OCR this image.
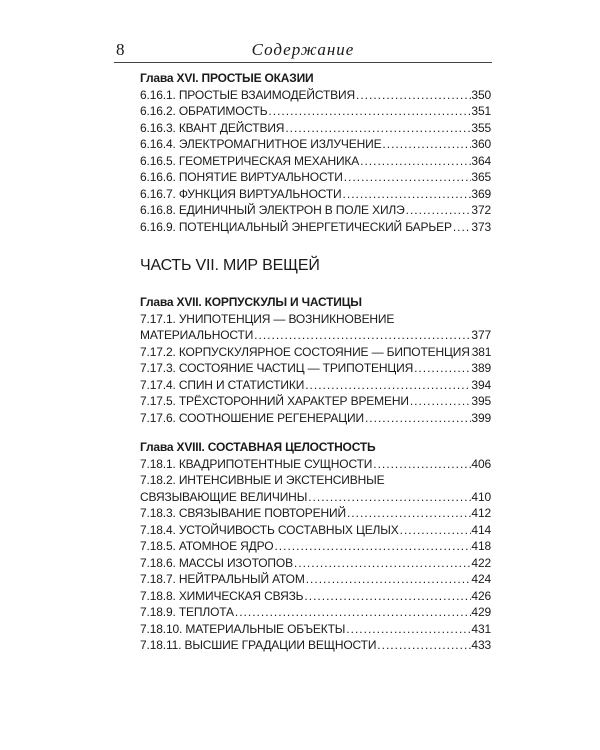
8	Содержание
Глава XVI. ПРОСТЫЕ ОКАЗИИ
6.16.1. ПРОСТЫЕ ВЗАИМОДЕЙСТВИЯ .....	350
6.16.2. ОБРАТИМОСТЬ .....	351
6.16.3. КВАНТ ДЕЙСТВИЯ .....	355
6.16.4. ЭЛЕКТРОМАГНИТНОЕ ИЗЛУЧЕНИЕ .....	360
6.16.5. ГЕОМЕТРИЧЕСКАЯ МЕХАНИКА .....	364
6.16.6. ПОНЯТИЕ ВИРТУАЛЬНОСТИ .....	365
6.16.7. ФУНКЦИЯ ВИРТУАЛЬНОСТИ .....	369
6.16.8. ЕДИНИЧНЫЙ ЭЛЕКТРОН В ПОЛЕ ХИЛЭ .....	372
6.16.9. ПОТЕНЦИАЛЬНЫЙ ЭНЕРГЕТИЧЕСКИЙ БАРЬЕР ..... 373
ЧАСТЬ VII. МИР ВЕЩЕЙ
Глава XVII. КОРПУСКУЛЫ И ЧАСТИЦЫ
7.17.1. УНИПОТЕНЦИЯ — ВОЗНИКНОВЕНИЕ
МАТЕРИАЛЬНОСТИ .....	377
7.17.2. КОРПУСКУЛЯРНОЕ СОСТОЯНИЕ — БИПОТЕНЦИЯ ..... 381
7.17.3. СОСТОЯНИЕ ЧАСТИЦ — ТРИПОТЕНЦИЯ .....	389
7.17.4. СПИН И СТАТИСТИКИ .....	394
7.17.5. ТРЁХСТОРОННИЙ ХАРАКТЕР ВРЕМЕНИ .....	395
7.17.6. СООТНОШЕНИЕ РЕГЕНЕРАЦИИ .....	399
Глава XVIII. СОСТАВНАЯ ЦЕЛОСТНОСТЬ
7.18.1. КВАДРИПОТЕНТНЫЕ СУЩНОСТИ .....	406
7.18.2. ИНТЕНСИВНЫЕ И ЭКСТЕНСИВНЫЕ
СВЯЗЫВАЮЩИЕ ВЕЛИЧИНЫ .....	410
7.18.3. СВЯЗЫВАНИЕ ПОВТОРЕНИЙ .....	412
7.18.4. УСТОЙЧИВОСТЬ СОСТАВНЫХ ЦЕЛЫХ .....	414
7.18.5. АТОМНОЕ ЯДРО .....	418
7.18.6. МАССЫ ИЗОТОПОВ .....	422
7.18.7. НЕЙТРАЛЬНЫЙ АТОМ .....	424
7.18.8. ХИМИЧЕСКАЯ СВЯЗЬ .....	426
7.18.9. ТЕПЛОТА .....	429
7.18.10. МАТЕРИАЛЬНЫЕ ОБЪЕКТЫ .....	431
7.18.11. ВЫСШИЕ ГРАДАЦИИ ВЕЩНОСТИ .....	433
